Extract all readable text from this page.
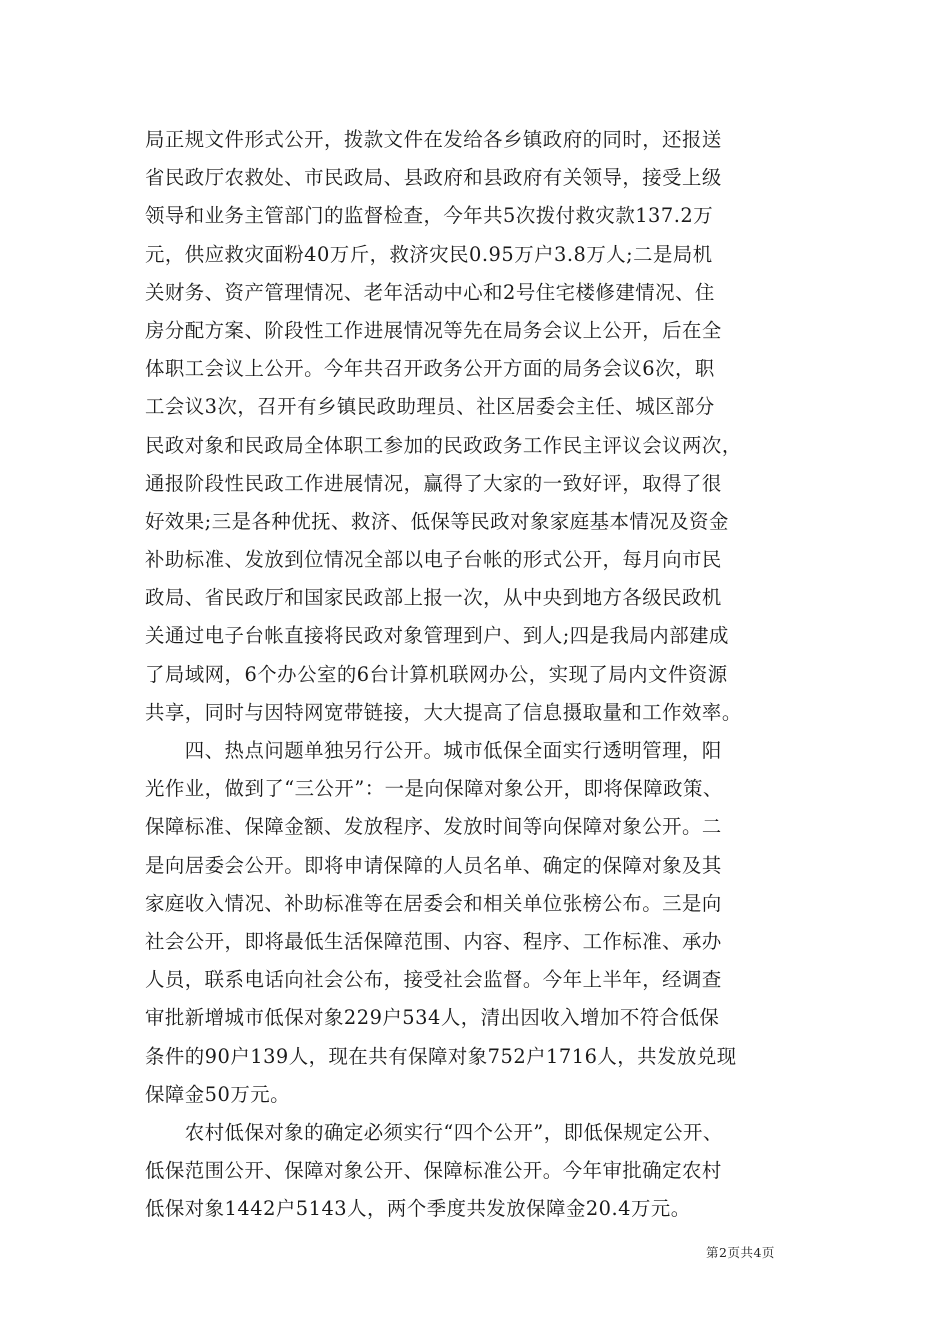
局正规文件形式公开，拨款文件在发给各乡镇政府的同时，还报送
省民政厅农救处、市民政局、县政府和县政府有关领导，接受上级
领导和业务主管部门的监督检查，今年共5次拨付救灾款137.2万
元，供应救灾面粉40万斤，救济灾民0.95万户3.8万人;二是局机
关财务、资产管理情况、老年活动中心和2号住宅楼修建情况、住
房分配方案、阶段性工作进展情况等先在局务会议上公开，后在全
体职工会议上公开。今年共召开政务公开方面的局务会议6次，职
工会议3次，召开有乡镇民政助理员、社区居委会主任、城区部分
民政对象和民政局全体职工参加的民政政务工作民主评议会议两次，
通报阶段性民政工作进展情况，赢得了大家的一致好评，取得了很
好效果;三是各种优抚、救济、低保等民政对象家庭基本情况及资金
补助标准、发放到位情况全部以电子台帐的形式公开，每月向市民
政局、省民政厅和国家民政部上报一次，从中央到地方各级民政机
关通过电子台帐直接将民政对象管理到户、到人;四是我局内部建成
了局域网，6个办公室的6台计算机联网办公，实现了局内文件资源
共享，同时与因特网宽带链接，大大提高了信息摄取量和工作效率。
　　四、热点问题单独另行公开。城市低保全面实行透明管理，阳
光作业，做到了“三公开”：一是向保障对象公开，即将保障政策、
保障标准、保障金额、发放程序、发放时间等向保障对象公开。二
是向居委会公开。即将申请保障的人员名单、确定的保障对象及其
家庭收入情况、补助标准等在居委会和相关单位张榜公布。三是向
社会公开，即将最低生活保障范围、内容、程序、工作标准、承办
人员，联系电话向社会公布，接受社会监督。今年上半年，经调查
审批新增城市低保对象229户534人，清出因收入增加不符合低保
条件的90户139人，现在共有保障对象752户1716人，共发放兑现
保障金50万元。
　　农村低保对象的确定必须实行“四个公开”，即低保规定公开、
低保范围公开、保障对象公开、保障标准公开。今年审批确定农村
低保对象1442户5143人，两个季度共发放保障金20.4万元。
第2页共4页
